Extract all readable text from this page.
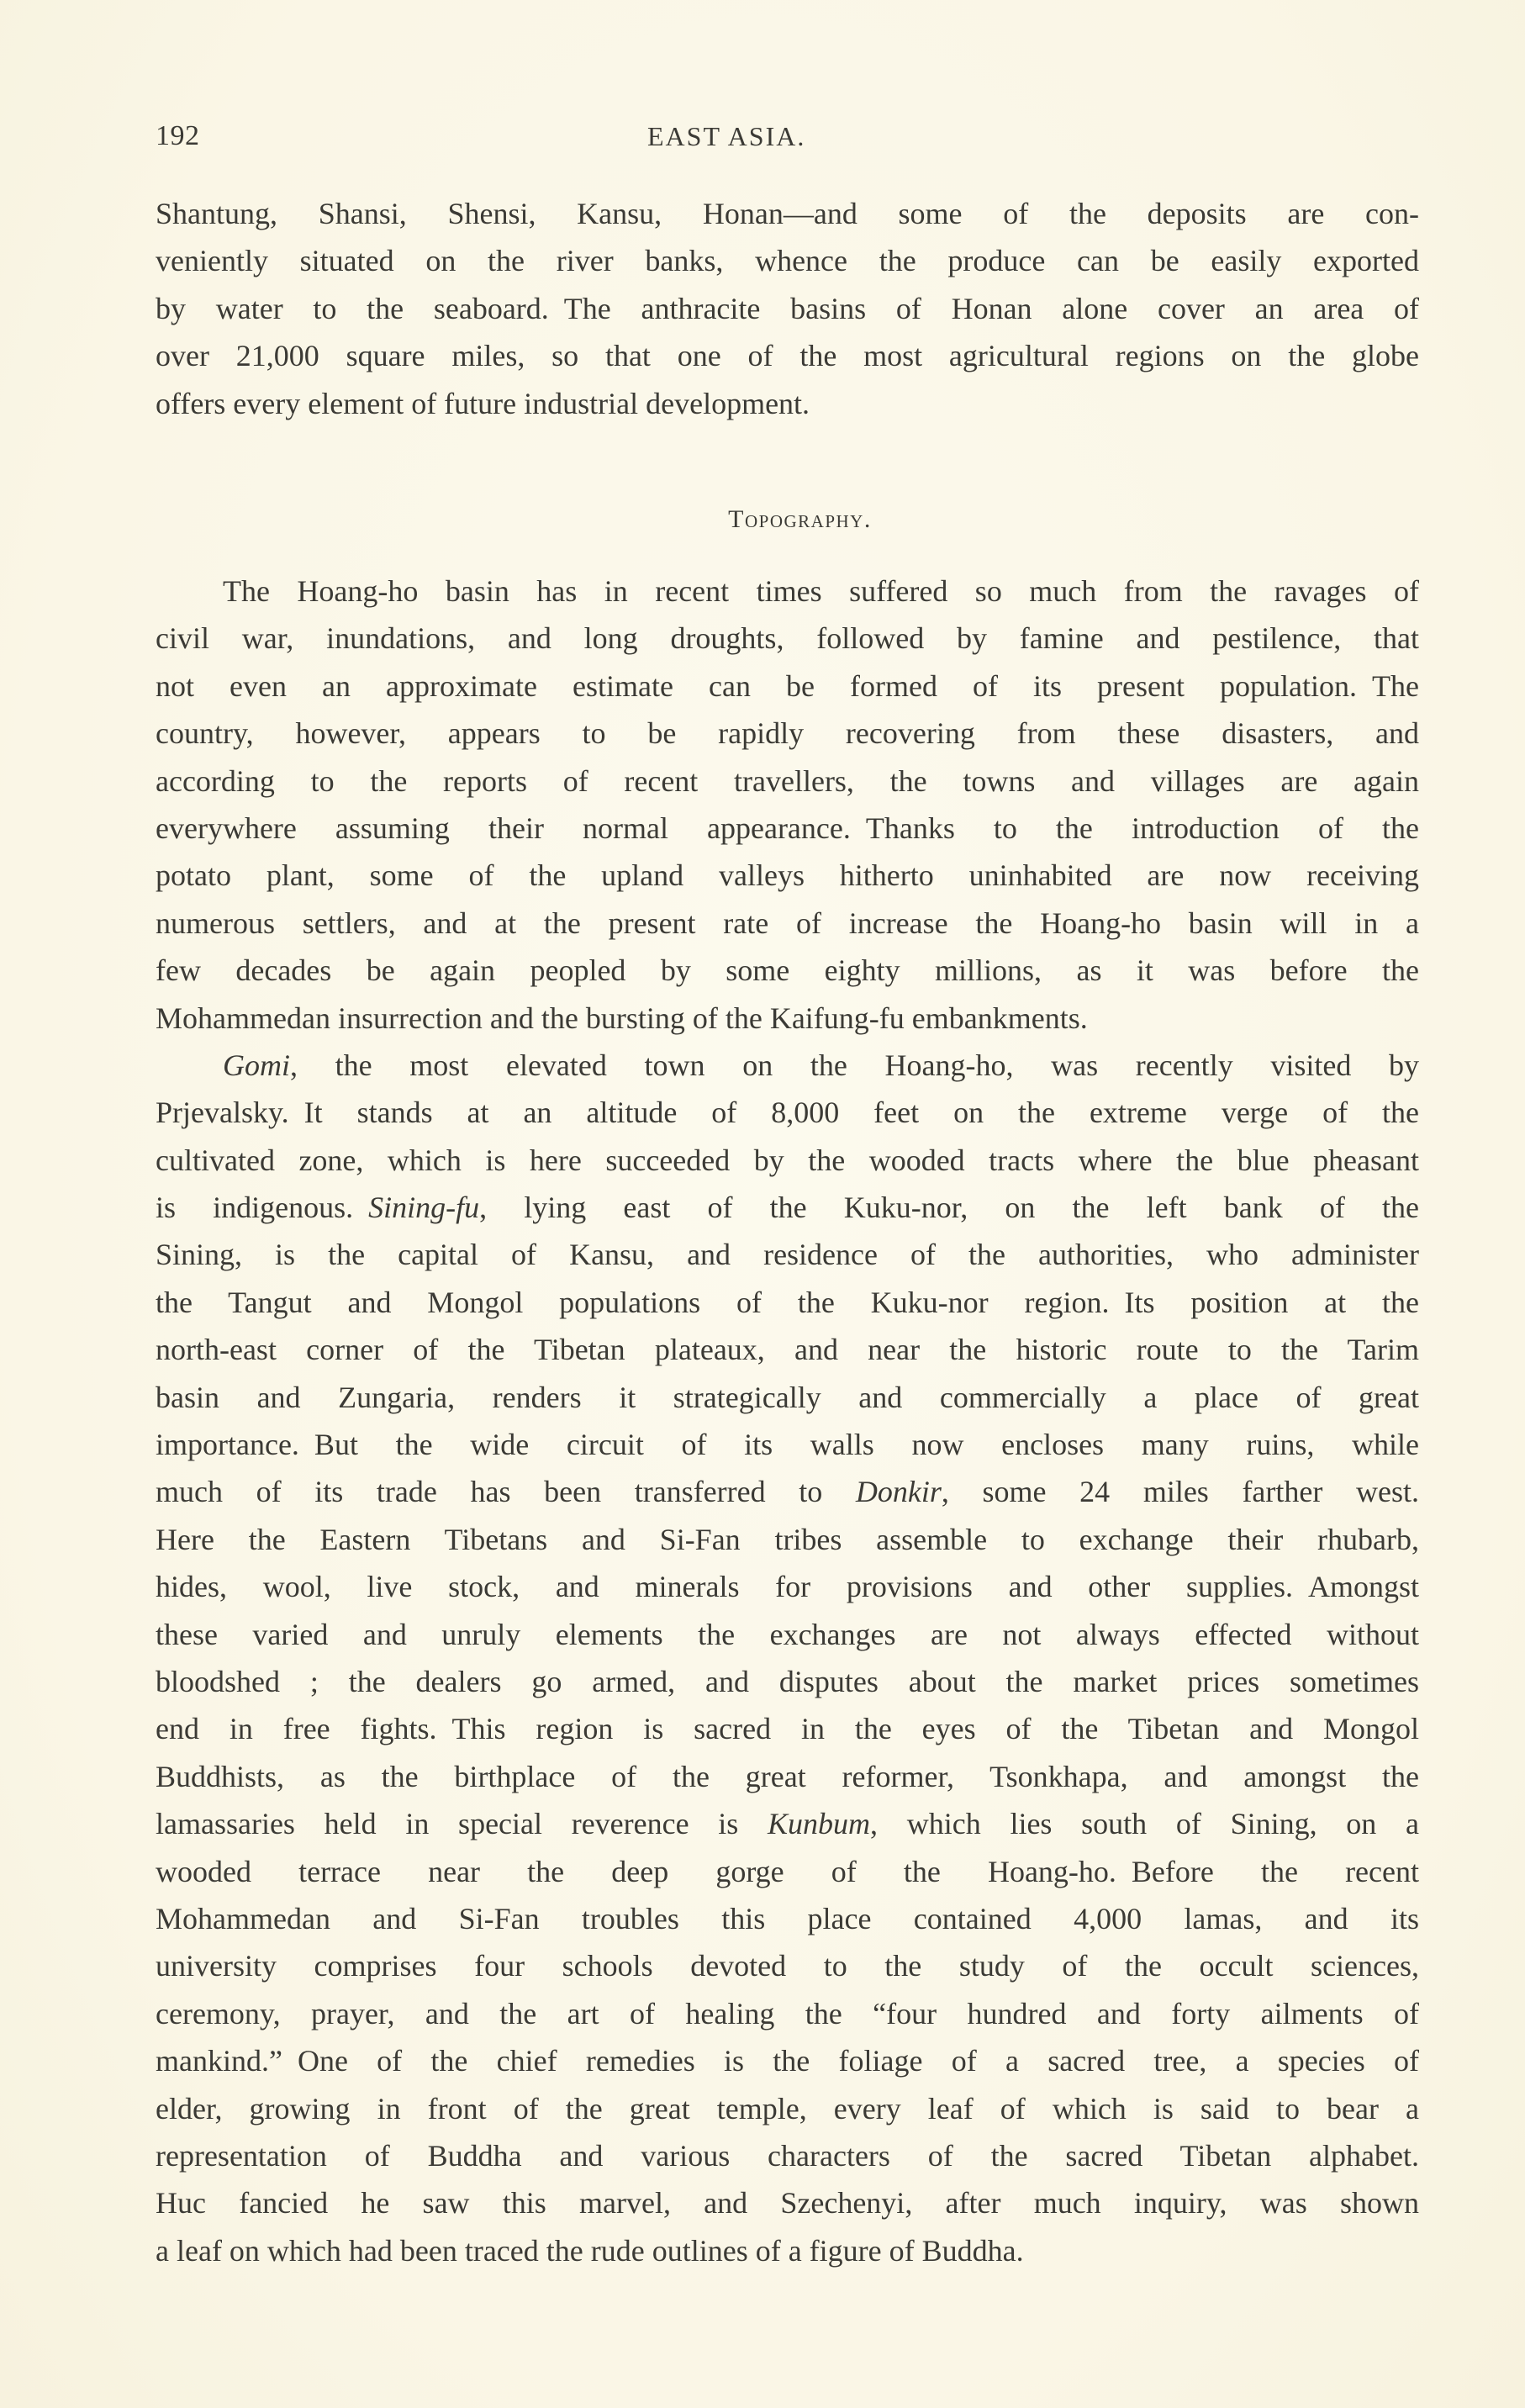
192	EAST ASIA.
Shantung, Shansi, Shensi, Kansu, Honan—and some of the deposits are con-
veniently situated on the river banks, whence the produce can be easily exported
by water to the seaboard. The anthracite basins of Honan alone cover an area of
over 21,000 square miles, so that one of the most agricultural regions on the globe
offers every element of future industrial development.
Topography.
The Hoang-ho basin has in recent times suffered so much from the ravages of
civil war, inundations, and long droughts, followed by famine and pestilence, that
not even an approximate estimate can be formed of its present population. The
country, however, appears to be rapidly recovering from these disasters, and
according to the reports of recent travellers, the towns and villages are again
everywhere assuming their normal appearance. Thanks to the introduction of the
potato plant, some of the upland valleys hitherto uninhabited are now receiving
numerous settlers, and at the present rate of increase the Hoang-ho basin will in a
few decades be again peopled by some eighty millions, as it was before the
Mohammedan insurrection and the bursting of the Kaifung-fu embankments.
Gomi, the most elevated town on the Hoang-ho, was recently visited by
Prjevalsky. It stands at an altitude of 8,000 feet on the extreme verge of the
cultivated zone, which is here succeeded by the wooded tracts where the blue pheasant
is indigenous. Sining-fu, lying east of the Kuku-nor, on the left bank of the
Sining, is the capital of Kansu, and residence of the authorities, who administer
the Tangut and Mongol populations of the Kuku-nor region. Its position at the
north-east corner of the Tibetan plateaux, and near the historic route to the Tarim
basin and Zungaria, renders it strategically and commercially a place of great
importance. But the wide circuit of its walls now encloses many ruins, while
much of its trade has been transferred to Donkir, some 24 miles farther west.
Here the Eastern Tibetans and Si-Fan tribes assemble to exchange their rhubarb,
hides, wool, live stock, and minerals for provisions and other supplies. Amongst
these varied and unruly elements the exchanges are not always effected without
bloodshed ; the dealers go armed, and disputes about the market prices sometimes
end in free fights. This region is sacred in the eyes of the Tibetan and Mongol
Buddhists, as the birthplace of the great reformer, Tsonkhapa, and amongst the
lamassaries held in special reverence is Kunbum, which lies south of Sining, on a
wooded terrace near the deep gorge of the Hoang-ho. Before the recent
Mohammedan and Si-Fan troubles this place contained 4,000 lamas, and its
university comprises four schools devoted to the study of the occult sciences,
ceremony, prayer, and the art of healing the “four hundred and forty ailments of
mankind.” One of the chief remedies is the foliage of a sacred tree, a species of
elder, growing in front of the great temple, every leaf of which is said to bear a
representation of Buddha and various characters of the sacred Tibetan alphabet.
Huc fancied he saw this marvel, and Szechenyi, after much inquiry, was shown
a leaf on which had been traced the rude outlines of a figure of Buddha.
